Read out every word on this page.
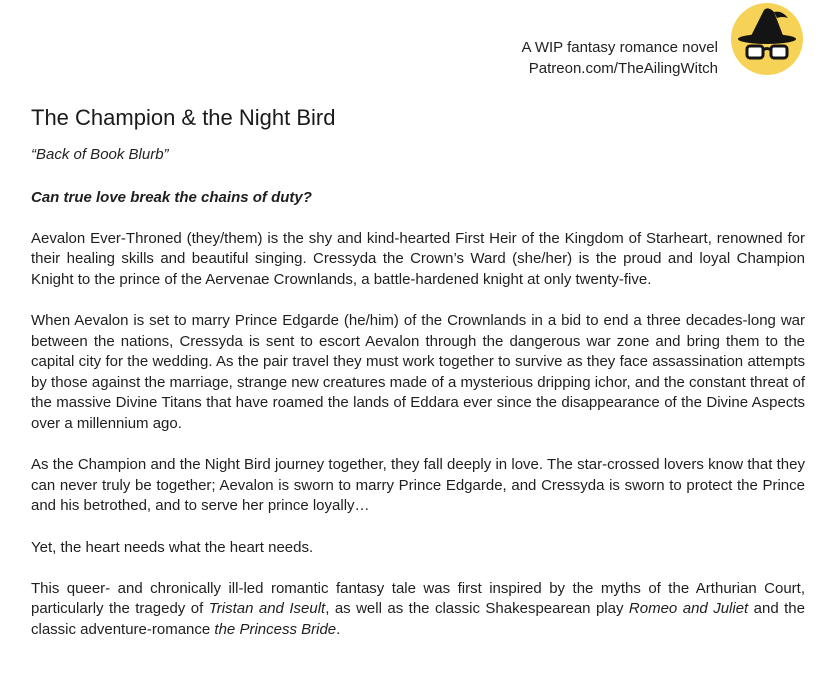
A WIP fantasy romance novel
Patreon.com/TheAilingWitch
The Champion & the Night Bird
“Back of Book Blurb”
Can true love break the chains of duty?

Aevalon Ever-Throned (they/them) is the shy and kind-hearted First Heir of the Kingdom of Starheart, renowned for their healing skills and beautiful singing. Cressyda the Crown’s Ward (she/her) is the proud and loyal Champion Knight to the prince of the Aervenae Crownlands, a battle-hardened knight at only twenty-five.

When Aevalon is set to marry Prince Edgarde (he/him) of the Crownlands in a bid to end a three decades-long war between the nations, Cressyda is sent to escort Aevalon through the dangerous war zone and bring them to the capital city for the wedding. As the pair travel they must work together to survive as they face assassination attempts by those against the marriage, strange new creatures made of a mysterious dripping ichor, and the constant threat of the massive Divine Titans that have roamed the lands of Eddara ever since the disappearance of the Divine Aspects over a millennium ago.

As the Champion and the Night Bird journey together, they fall deeply in love. The star-crossed lovers know that they can never truly be together; Aevalon is sworn to marry Prince Edgarde, and Cressyda is sworn to protect the Prince and his betrothed, and to serve her prince loyally…

Yet, the heart needs what the heart needs.

This queer- and chronically ill-led romantic fantasy tale was first inspired by the myths of the Arthurian Court, particularly the tragedy of Tristan and Iseult, as well as the classic Shakespearean play Romeo and Juliet and the classic adventure-romance the Princess Bride.
